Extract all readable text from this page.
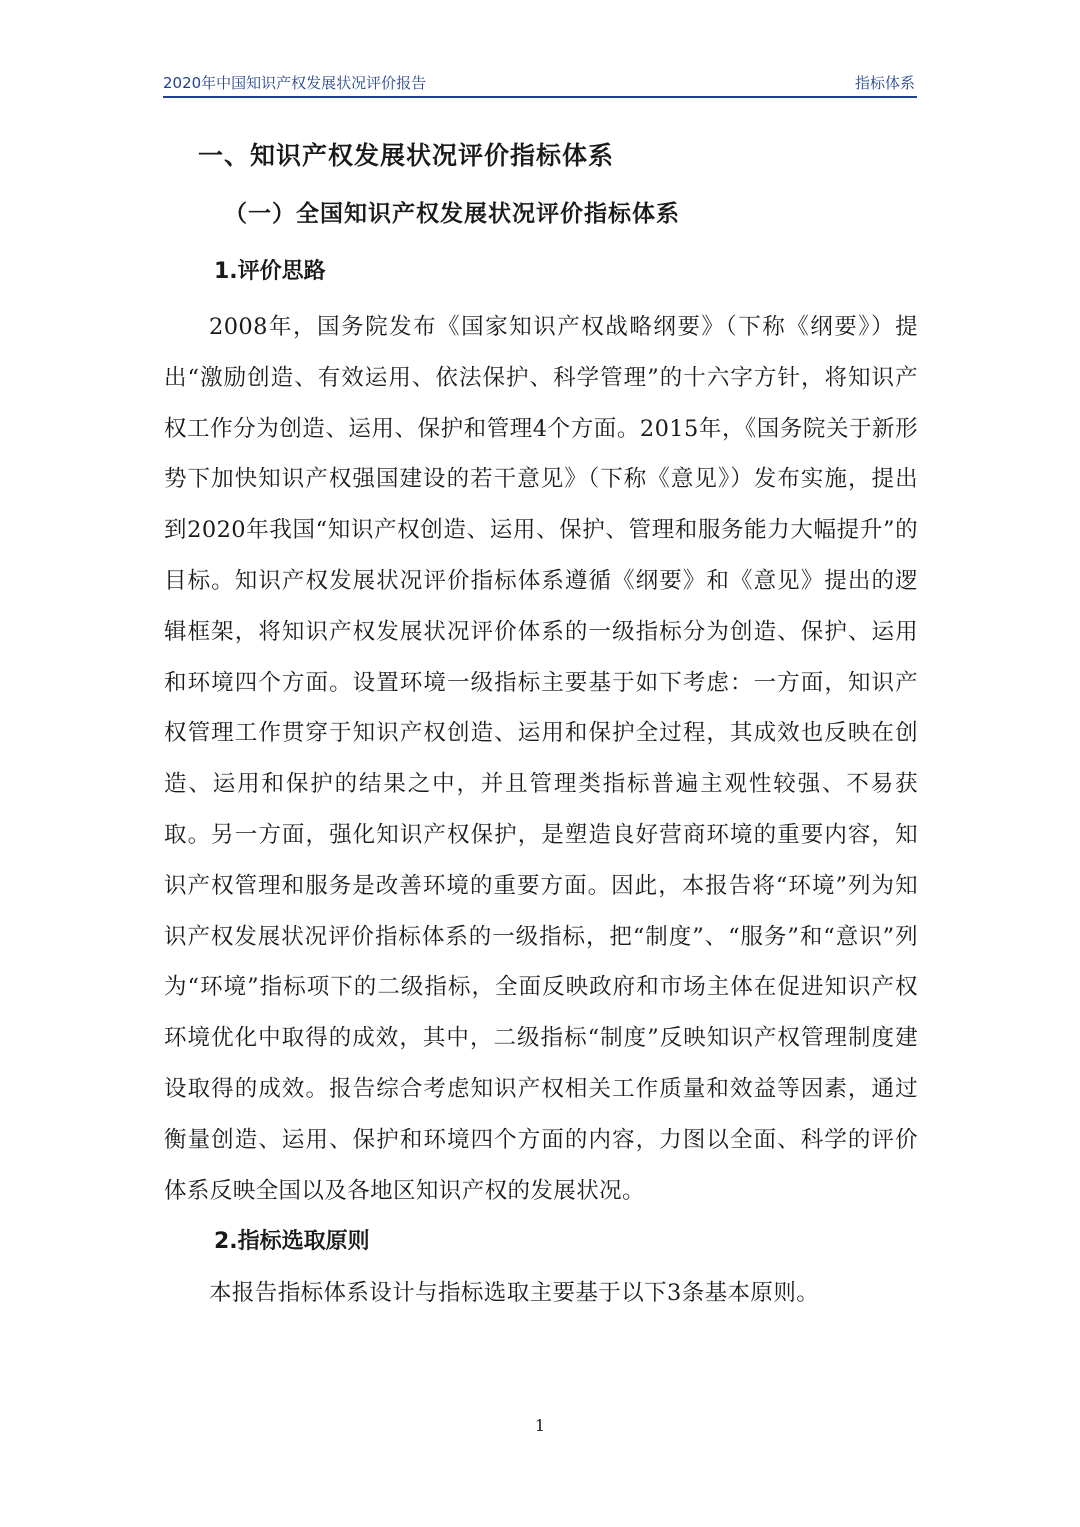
2020年中国知识产权发展状况评价报告	指标体系
一、知识产权发展状况评价指标体系
（一）全国知识产权发展状况评价指标体系
1.评价思路

2008年，国务院发布《国家知识产权战略纲要》（下称《纲要》）提出“激励创造、有效运用、依法保护、科学管理”的十六字方针，将知识产权工作分为创造、运用、保护和管理4个方面。2015年，《国务院关于新形势下加快知识产权强国建设的若干意见》（下称《意见》）发布实施，提出到2020年我国“知识产权创造、运用、保护、管理和服务能力大幅提升”的目标。知识产权发展状况评价指标体系遵循《纲要》和《意见》提出的逻辑框架，将知识产权发展状况评价体系的一级指标分为创造、保护、运用和环境四个方面。设置环境一级指标主要基于如下考虑：一方面，知识产权管理工作贯穿于知识产权创造、运用和保护全过程，其成效也反映在创造、运用和保护的结果之中，并且管理类指标普遍主观性较强、不易获取。另一方面，强化知识产权保护，是塑造良好营商环境的重要内容，知识产权管理和服务是改善环境的重要方面。因此，本报告将“环境”列为知识产权发展状况评价指标体系的一级指标，把“制度”、“服务”和“意识”列为“环境”指标项下的二级指标，全面反映政府和市场主体在促进知识产权环境优化中取得的成效，其中，二级指标“制度”反映知识产权管理制度建设取得的成效。报告综合考虑知识产权相关工作质量和效益等因素，通过衡量创造、运用、保护和环境四个方面的内容，力图以全面、科学的评价体系反映全国以及各地区知识产权的发展状况。

2.指标选取原则

本报告指标体系设计与指标选取主要基于以下3条基本原则。

1
